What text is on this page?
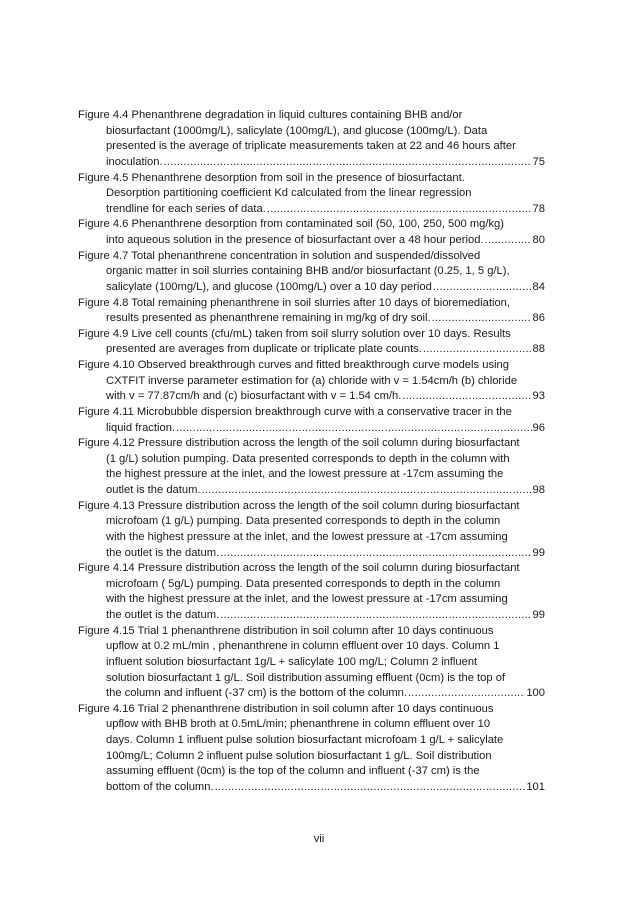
Figure 4.4 Phenanthrene degradation in liquid cultures containing BHB and/or
biosurfactant (1000mg/L), salicylate (100mg/L), and glucose (100mg/L). Data
presented is the average of triplicate measurements taken at 22 and 46 hours after
inoculation. .....	75
Figure 4.5 Phenanthrene desorption from soil in the presence of biosurfactant.
Desorption partitioning coefficient Kd calculated from the linear regression
trendline for each series of data. .....	78
Figure 4.6 Phenanthrene desorption from contaminated soil (50, 100, 250, 500 mg/kg)
into aqueous solution in the presence of biosurfactant over a 48 hour period. .....	80
Figure 4.7 Total phenanthrene concentration in solution and suspended/dissolved
organic matter in soil slurries containing BHB and/or biosurfactant (0.25, 1, 5 g/L),
salicylate (100mg/L), and glucose (100mg/L) over a 10 day period .....	84
Figure 4.8 Total remaining phenanthrene in soil slurries after 10 days of bioremediation,
results presented as phenanthrene remaining in mg/kg of dry soil. .....	86
Figure 4.9 Live cell counts (cfu/mL) taken from soil slurry solution over 10 days. Results
presented are averages from duplicate or triplicate plate counts. .....	88
Figure 4.10 Observed breakthrough curves and fitted breakthrough curve models using
CXTFIT inverse parameter estimation for (a) chloride with v = 1.54cm/h (b) chloride
with v = 77.87cm/h and (c) biosurfactant with v = 1.54 cm/h. .....	93
Figure 4.11 Microbubble dispersion breakthrough curve with a conservative tracer in the
liquid fraction. .....	96
Figure 4.12 Pressure distribution across the length of the soil column during biosurfactant
(1 g/L) solution pumping. Data presented corresponds to depth in the column with
the highest pressure at the inlet, and the lowest pressure at -17cm assuming the
outlet is the datum. .....	98
Figure 4.13 Pressure distribution across the length of the soil column during biosurfactant
microfoam (1 g/L) pumping. Data presented corresponds to depth in the column
with the highest pressure at the inlet, and the lowest pressure at -17cm assuming
the outlet is the datum. .....	99
Figure 4.14 Pressure distribution across the length of the soil column during biosurfactant
microfoam ( 5g/L) pumping. Data presented corresponds to depth in the column
with the highest pressure at the inlet, and the lowest pressure at -17cm assuming
the outlet is the datum. .....	99
Figure 4.15 Trial 1 phenanthrene distribution in soil column after 10 days continuous
upflow at 0.2 mL/min , phenanthrene in column effluent over 10 days. Column 1
influent solution biosurfactant 1g/L + salicylate 100 mg/L; Column 2 influent
solution biosurfactant 1 g/L. Soil distribution assuming effluent (0cm) is the top of
the column and influent (-37 cm) is the bottom of the column. .....	100
Figure 4.16 Trial 2 phenanthrene distribution in soil column after 10 days continuous
upflow with BHB broth at 0.5mL/min; phenanthrene in column effluent over 10
days. Column 1 influent pulse solution biosurfactant microfoam 1 g/L + salicylate
100mg/L; Column 2 influent pulse solution biosurfactant 1 g/L. Soil distribution
assuming effluent (0cm) is the top of the column and influent (-37 cm) is the
bottom of the column. .....	101
vii
